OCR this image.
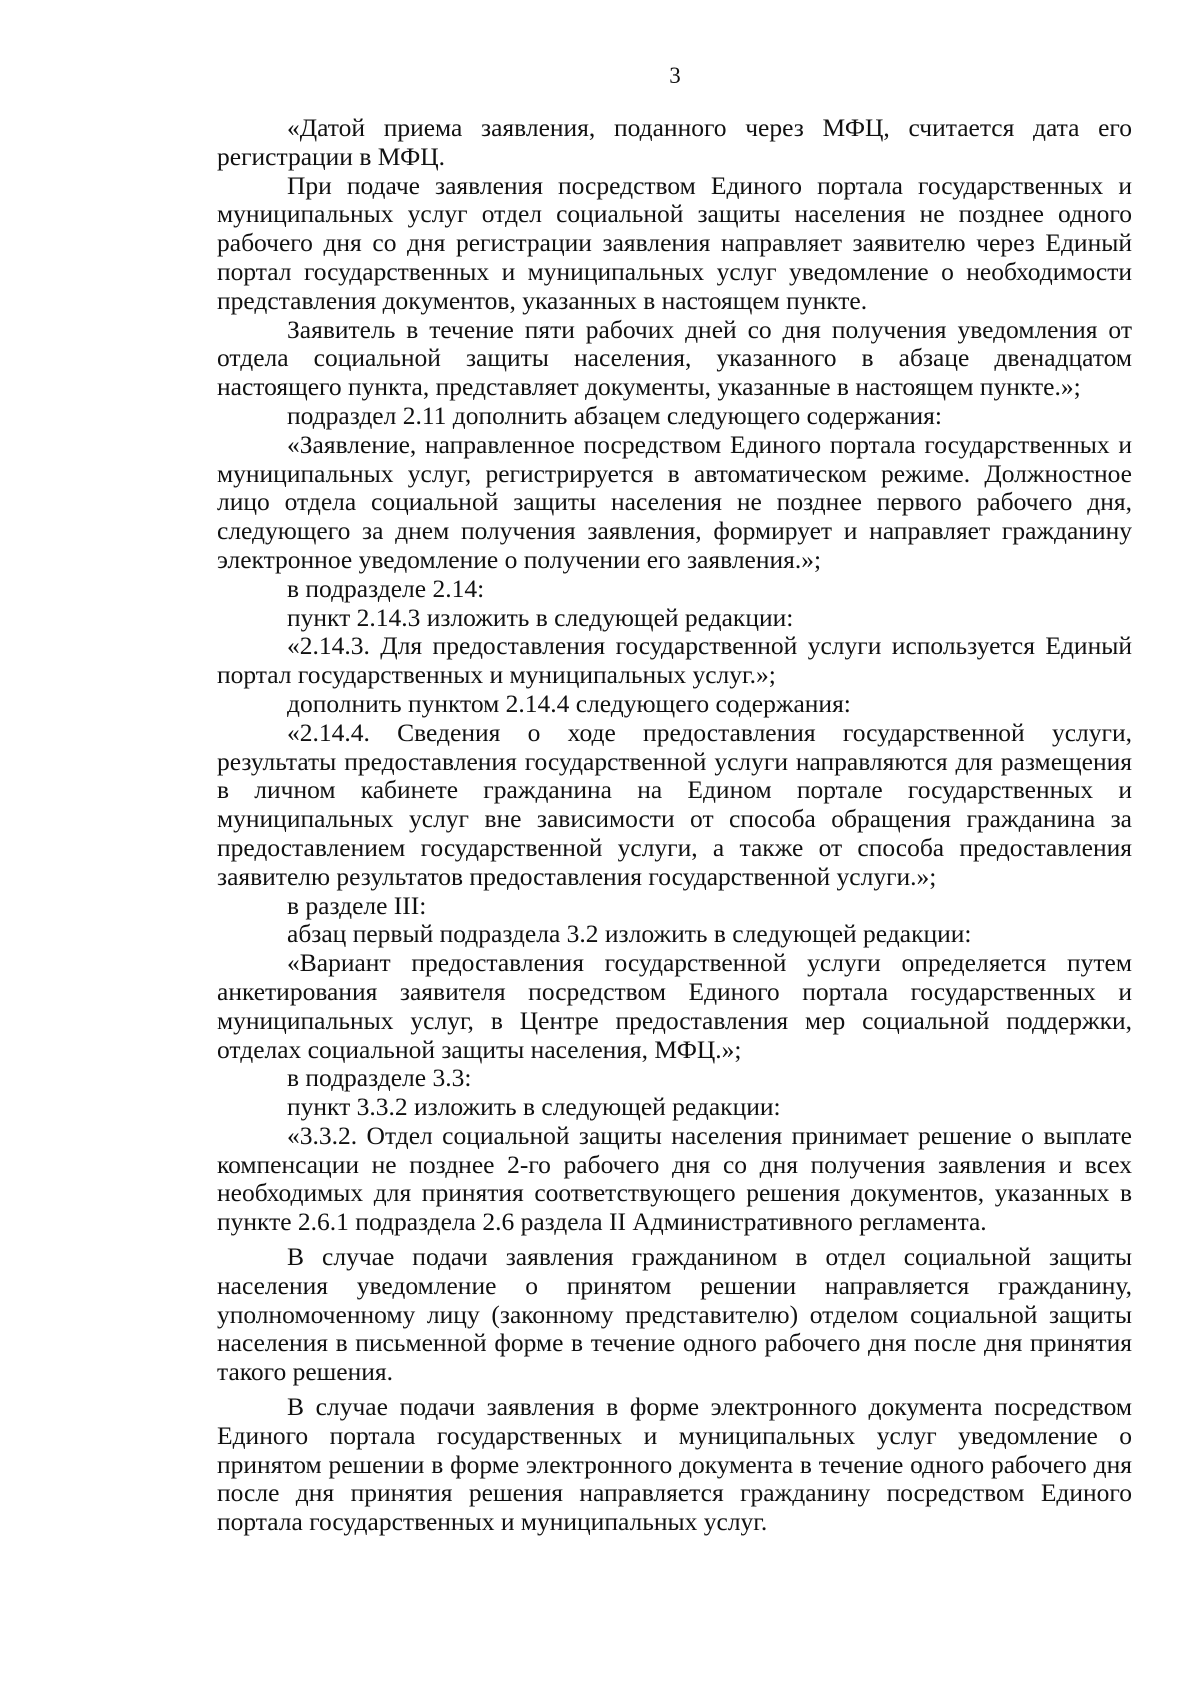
3

«Датой приема заявления, поданного через МФЦ, считается дата его регистрации в МФЦ.

При подаче заявления посредством Единого портала государственных и муниципальных услуг отдел социальной защиты населения не позднее одного рабочего дня со дня регистрации заявления направляет заявителю через Единый портал государственных и муниципальных услуг уведомление о необходимости представления документов, указанных в настоящем пункте.

Заявитель в течение пяти рабочих дней со дня получения уведомления от отдела социальной защиты населения, указанного в абзаце двенадцатом настоящего пункта, представляет документы, указанные в настоящем пункте.»;

подраздел 2.11 дополнить абзацем следующего содержания:

«Заявление, направленное посредством Единого портала государственных и муниципальных услуг, регистрируется в автоматическом режиме. Должностное лицо отдела социальной защиты населения не позднее первого рабочего дня, следующего за днем получения заявления, формирует и направляет гражданину электронное уведомление о получении его заявления.»;

в подразделе 2.14:

пункт 2.14.3 изложить в следующей редакции:

«2.14.3. Для предоставления государственной услуги используется Единый портал государственных и муниципальных услуг.»;

дополнить пунктом 2.14.4 следующего содержания:

«2.14.4. Сведения о ходе предоставления государственной услуги, результаты предоставления государственной услуги направляются для размещения в личном кабинете гражданина на Едином портале государственных и муниципальных услуг вне зависимости от способа обращения гражданина за предоставлением государственной услуги, а также от способа предоставления заявителю результатов предоставления государственной услуги.»;

в разделе III:

абзац первый подраздела 3.2 изложить в следующей редакции:

«Вариант предоставления государственной услуги определяется путем анкетирования заявителя посредством Единого портала государственных и муниципальных услуг, в Центре предоставления мер социальной поддержки, отделах социальной защиты населения, МФЦ.»;

в подразделе 3.3:

пункт 3.3.2 изложить в следующей редакции:

«3.3.2. Отдел социальной защиты населения принимает решение о выплате компенсации не позднее 2-го рабочего дня со дня получения заявления и всех необходимых для принятия соответствующего решения документов, указанных в пункте 2.6.1 подраздела 2.6 раздела II Административного регламента.

В случае подачи заявления гражданином в отдел социальной защиты населения уведомление о принятом решении направляется гражданину, уполномоченному лицу (законному представителю) отделом социальной защиты населения в письменной форме в течение одного рабочего дня после дня принятия такого решения.

В случае подачи заявления в форме электронного документа посредством Единого портала государственных и муниципальных услуг уведомление о принятом решении в форме электронного документа в течение одного рабочего дня после дня принятия решения направляется гражданину посредством Единого портала государственных и муниципальных услуг.
